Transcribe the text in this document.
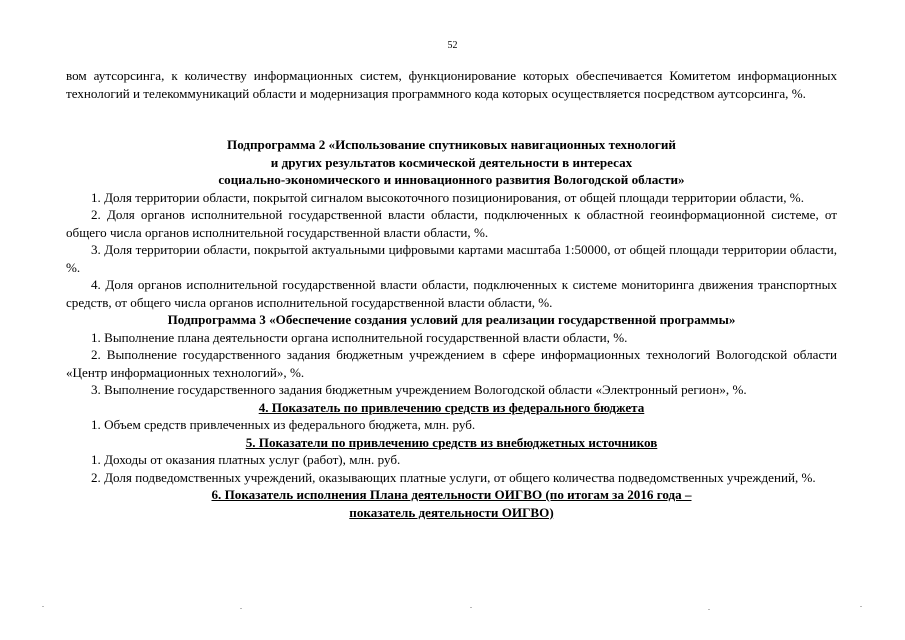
52

вом аутсорсинга, к количеству информационных систем, функционирование которых обеспечивается Комитетом информационных технологий и телекоммуникаций области и модернизация программного кода которых осуществляется посредством аутсорсинга, %.

Подпрограмма 2 «Использование спутниковых навигационных технологий

и других результатов космической деятельности в интересах

социально-экономического и инновационного развития Вологодской области»

1. Доля территории области, покрытой сигналом высокоточного позиционирования, от общей площади территории области, %.

2. Доля органов исполнительной государственной власти области, подключенных к областной геоинформационной системе, от общего числа органов исполнительной государственной власти области, %.

3. Доля территории области, покрытой актуальными цифровыми картами масштаба 1:50000, от общей площади территории области, %.

4. Доля органов исполнительной государственной власти области, подключенных к системе мониторинга движения транспортных средств, от общего числа органов исполнительной государственной власти области, %.

Подпрограмма 3 «Обеспечение создания условий для реализации государственной программы»

1. Выполнение плана деятельности органа исполнительной государственной власти области, %.

2. Выполнение государственного задания бюджетным учреждением в сфере информационных технологий Вологодской области «Центр информационных технологий», %.

3. Выполнение государственного задания бюджетным учреждением Вологодской области «Электронный регион», %.

4. Показатель по привлечению средств из федерального бюджета

1. Объем средств привлеченных из федерального бюджета, млн. руб.

5. Показатели по привлечению средств из внебюджетных источников

1. Доходы от оказания платных услуг (работ), млн. руб.

2. Доля подведомственных учреждений, оказывающих платные услуги, от общего количества подведомственных учреждений, %.

6. Показатель исполнения Плана деятельности ОИГВО (по итогам за 2016 года –

показатель деятельности ОИГВО)
